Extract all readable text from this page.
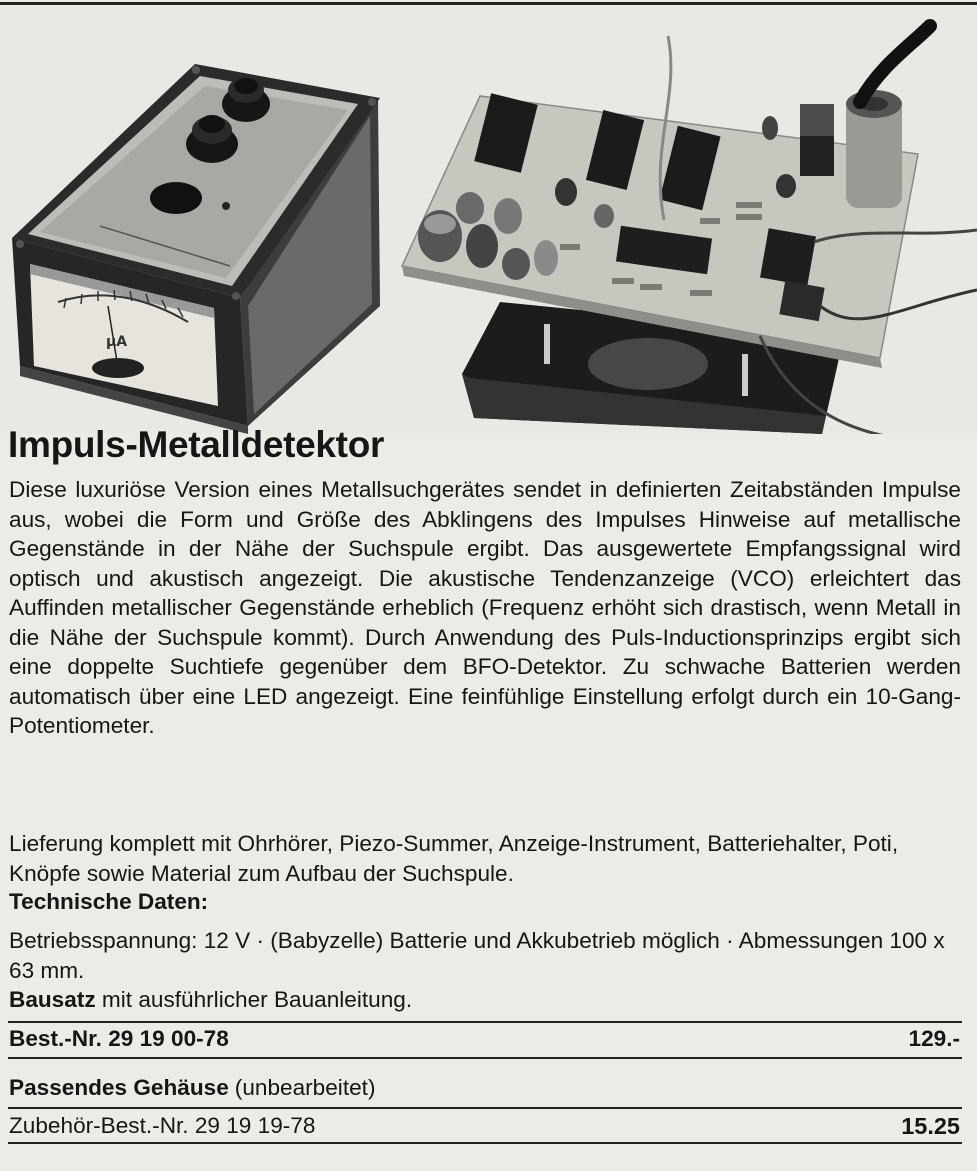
μA
Impuls-Metalldetektor

Diese luxuriöse Version eines Metallsuchgerätes sendet in definierten Zeitabständen Impulse aus, wobei die Form und Größe des Abklingens des Impulses Hinweise auf metallische Gegenstände in der Nähe der Suchspule ergibt. Das ausgewertete Empfangssignal wird optisch und akustisch angezeigt. Die akustische Tendenzanzeige (VCO) erleichtert das Auffinden metallischer Gegenstände erheblich (Frequenz erhöht sich drastisch, wenn Metall in die Nähe der Suchspule kommt). Durch Anwendung des Puls-Inductionsprinzips ergibt sich eine doppelte Suchtiefe gegenüber dem BFO-Detektor. Zu schwache Batterien werden automatisch über eine LED angezeigt. Eine feinfühlige Einstellung erfolgt durch ein 10-Gang-Potentiometer.

Lieferung komplett mit Ohrhörer, Piezo-Summer, Anzeige-Instrument, Batteriehalter, Poti, Knöpfe sowie Material zum Aufbau der Suchspule.
Technische Daten:
Betriebsspannung: 12 V · (Babyzelle) Batterie und Akkubetrieb möglich · Abmessungen 100 x 63 mm.
Bausatz mit ausführlicher Bauanleitung.
Best.-Nr. 29 19 00-78	129.-
Passendes Gehäuse (unbearbeitet)
Zubehör-Best.-Nr. 29 19 19-78	15.25
